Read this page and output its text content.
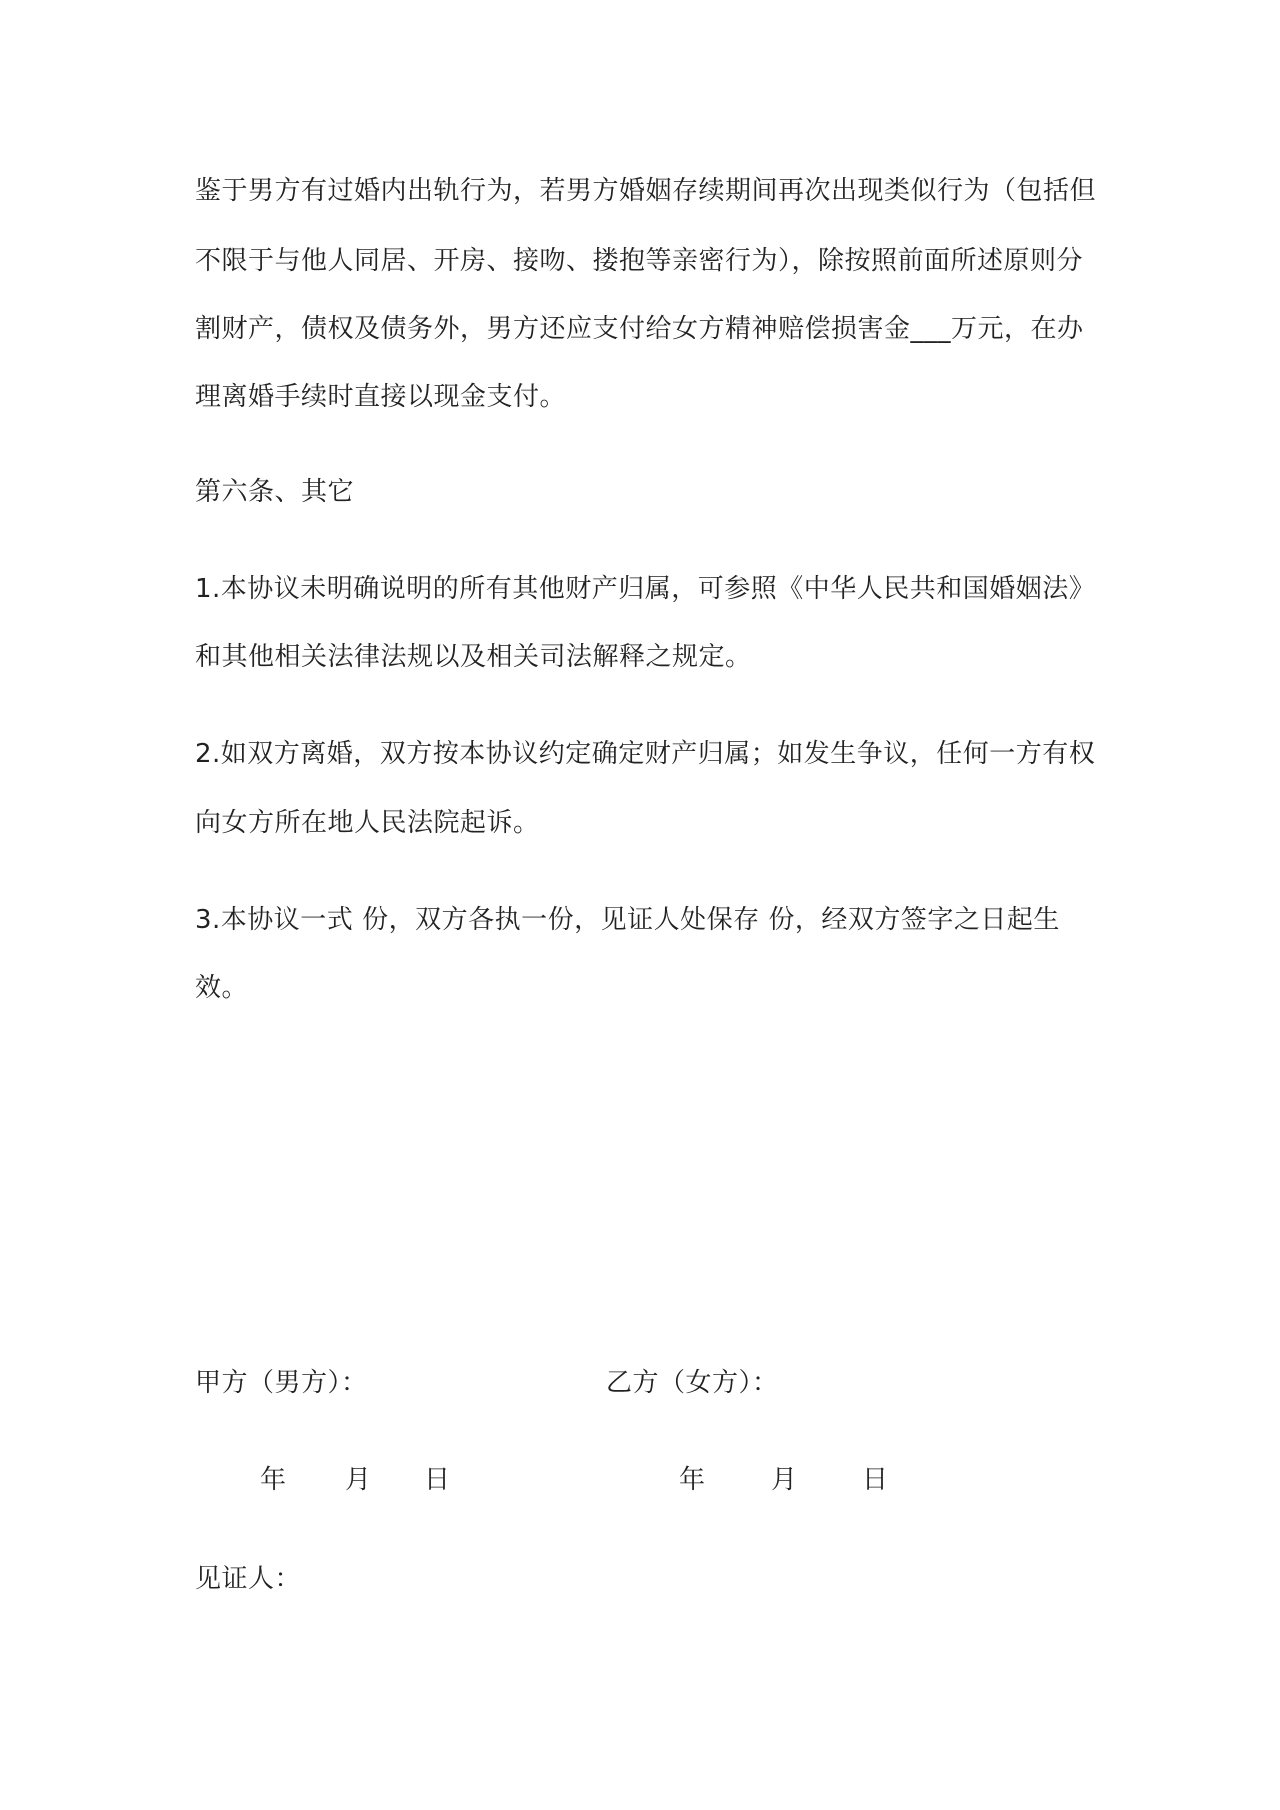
鉴于男方有过婚内出轨行为，若男方婚姻存续期间再次出现类似行为（包括但
不限于与他人同居、开房、接吻、搂抱等亲密行为），除按照前面所述原则分
割财产，债权及债务外，男方还应支付给女方精神赔偿损害金___万元，在办
理离婚手续时直接以现金支付。
第六条、其它
1.本协议未明确说明的所有其他财产归属，可参照《中华人民共和国婚姻法》
和其他相关法律法规以及相关司法解释之规定。
2.如双方离婚，双方按本协议约定确定财产归属；如发生争议，任何一方有权
向女方所在地人民法院起诉。
3.本协议一式 份，双方各执一份，见证人处保存 份，经双方签字之日起生
效。
甲方（男方）：	乙方（女方）：
年 月 日	年	月 日
见证人：
